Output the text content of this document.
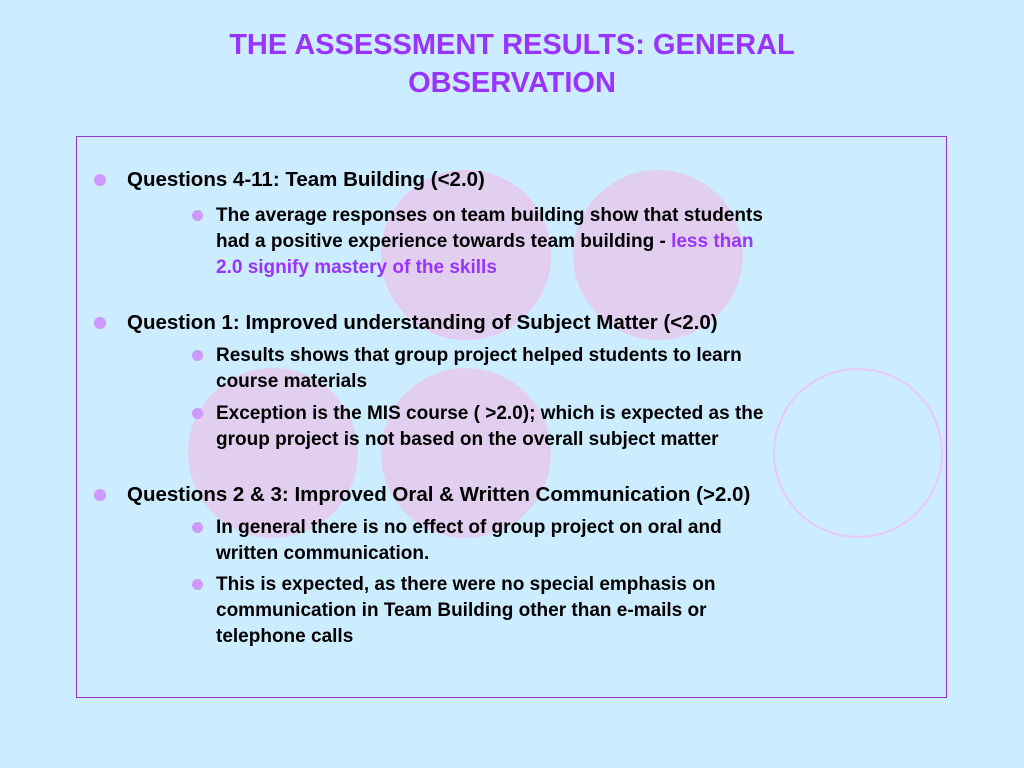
THE ASSESSMENT RESULTS: GENERAL
OBSERVATION
Questions 4-11: Team Building (<2.0)
The average responses on team building show that students
had a positive experience towards team building - less than
2.0 signify mastery of the skills
Question 1: Improved understanding of Subject Matter (<2.0)
Results shows that group project helped students to learn
course materials
Exception is the MIS course ( >2.0); which is expected as the
group project is not based on the overall subject matter
Questions 2 & 3: Improved Oral & Written Communication (>2.0)
In general there is no effect of group project on oral and
written communication.
This is expected, as there were no special emphasis on
communication in Team Building other than e-mails or
telephone calls
